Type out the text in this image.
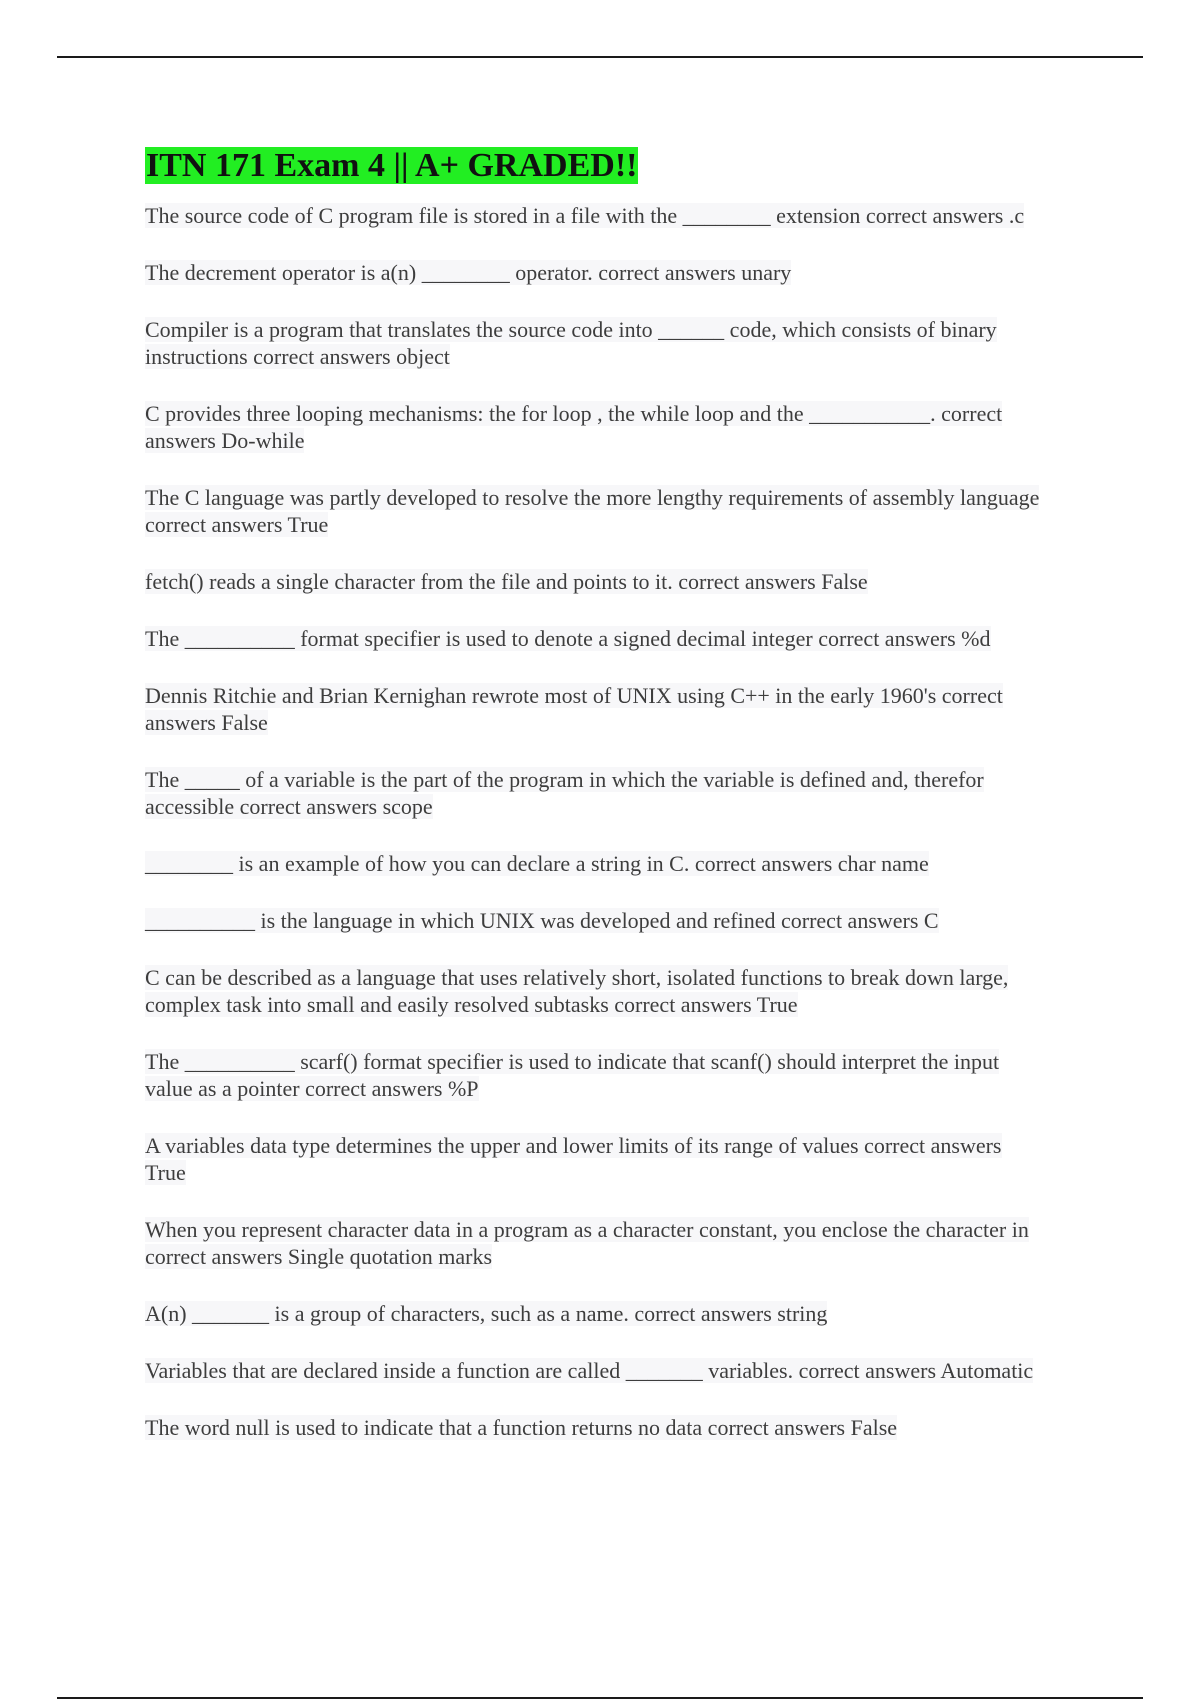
ITN 171 Exam 4 || A+ GRADED!!
The source code of C program file is stored in a file with the ________ extension correct answers .c
The decrement operator is a(n) ________ operator. correct answers unary
Compiler is a program that translates the source code into ______ code, which consists of binary instructions correct answers object
C provides three looping mechanisms: the for loop , the while loop and the ___________. correct answers Do-while
The C language was partly developed to resolve the more lengthy requirements of assembly language correct answers True
fetch() reads a single character from the file and points to it. correct answers False
The __________ format specifier is used to denote a signed decimal integer correct answers %d
Dennis Ritchie and Brian Kernighan rewrote most of UNIX using C++ in the early 1960's correct answers False
The _____ of a variable is the part of the program in which the variable is defined and, therefor accessible correct answers scope
________ is an example of how you can declare a string in C. correct answers char name
__________ is the language in which UNIX was developed and refined correct answers C
C can be described as a language that uses relatively short, isolated functions to break down large, complex task into small and easily resolved subtasks correct answers True
The __________ scarf() format specifier is used to indicate that scanf() should interpret the input value as a pointer correct answers %P
A variables data type determines the upper and lower limits of its range of values correct answers True
When you represent character data in a program as a character constant, you enclose the character in correct answers Single quotation marks
A(n) _______ is a group of characters, such as a name. correct answers string
Variables that are declared inside a function are called _______ variables. correct answers Automatic
The word null is used to indicate that a function returns no data correct answers False
